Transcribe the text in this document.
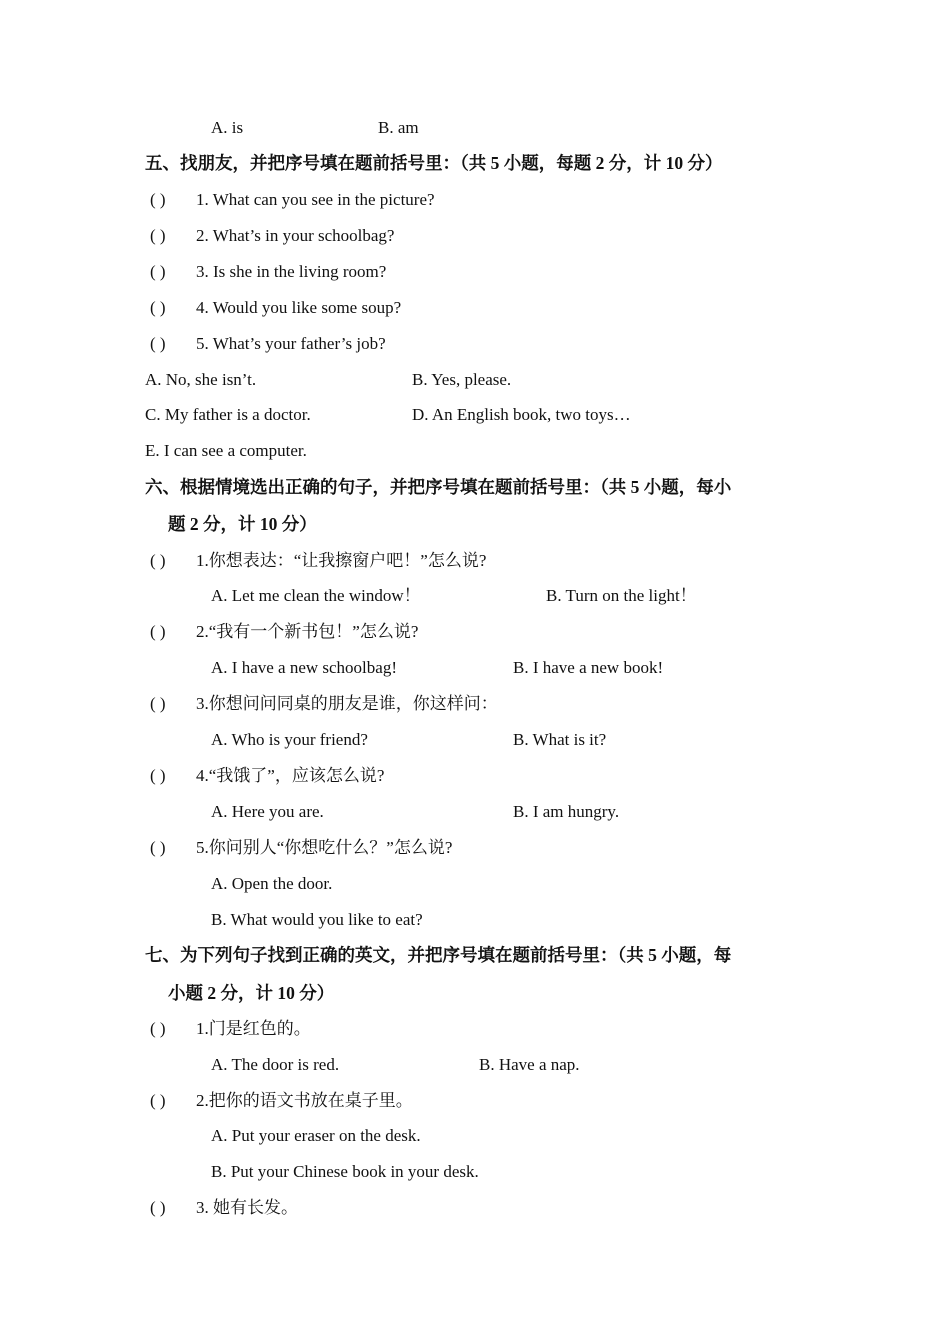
A. is	B. am
五、找朋友，并把序号填在题前括号里：（共 5 小题，每题 2 分，计 10 分）
( ) 1. What can you see in the picture?
( ) 2. What’s in your schoolbag?
( ) 3. Is she in the living room?
( ) 4. Would you like some soup?
( ) 5. What’s your father’s job?
A. No, she isn’t.	B. Yes, please.
C. My father is a doctor.	D. An English book, two toys…
E. I can see a computer.
六、根据情境选出正确的句子，并把序号填在题前括号里：（共 5 小题，每小
题 2 分，计 10 分）
( ) 1.你想表达：“让我擦窗户吧！”怎么说?
A. Let me clean the window！	B. Turn on the light！
( ) 2.“我有一个新书包！”怎么说?
A. I have a new schoolbag!	B. I have a new book!
( ) 3.你想问问同桌的朋友是谁，你这样问：
A. Who is your friend?	B. What is it?
( ) 4.“我饿了”，应该怎么说?
A. Here you are.	B. I am hungry.
( ) 5.你问别人“你想吃什么？”怎么说?
A. Open the door.
B. What would you like to eat?
七、为下列句子找到正确的英文，并把序号填在题前括号里：（共 5 小题，每
小题 2 分，计 10 分）
( ) 1.门是红色的。
A. The door is red.	B. Have a nap.
( ) 2.把你的语文书放在桌子里。
A. Put your eraser on the desk.
B. Put your Chinese book in your desk.
( ) 3. 她有长发。
